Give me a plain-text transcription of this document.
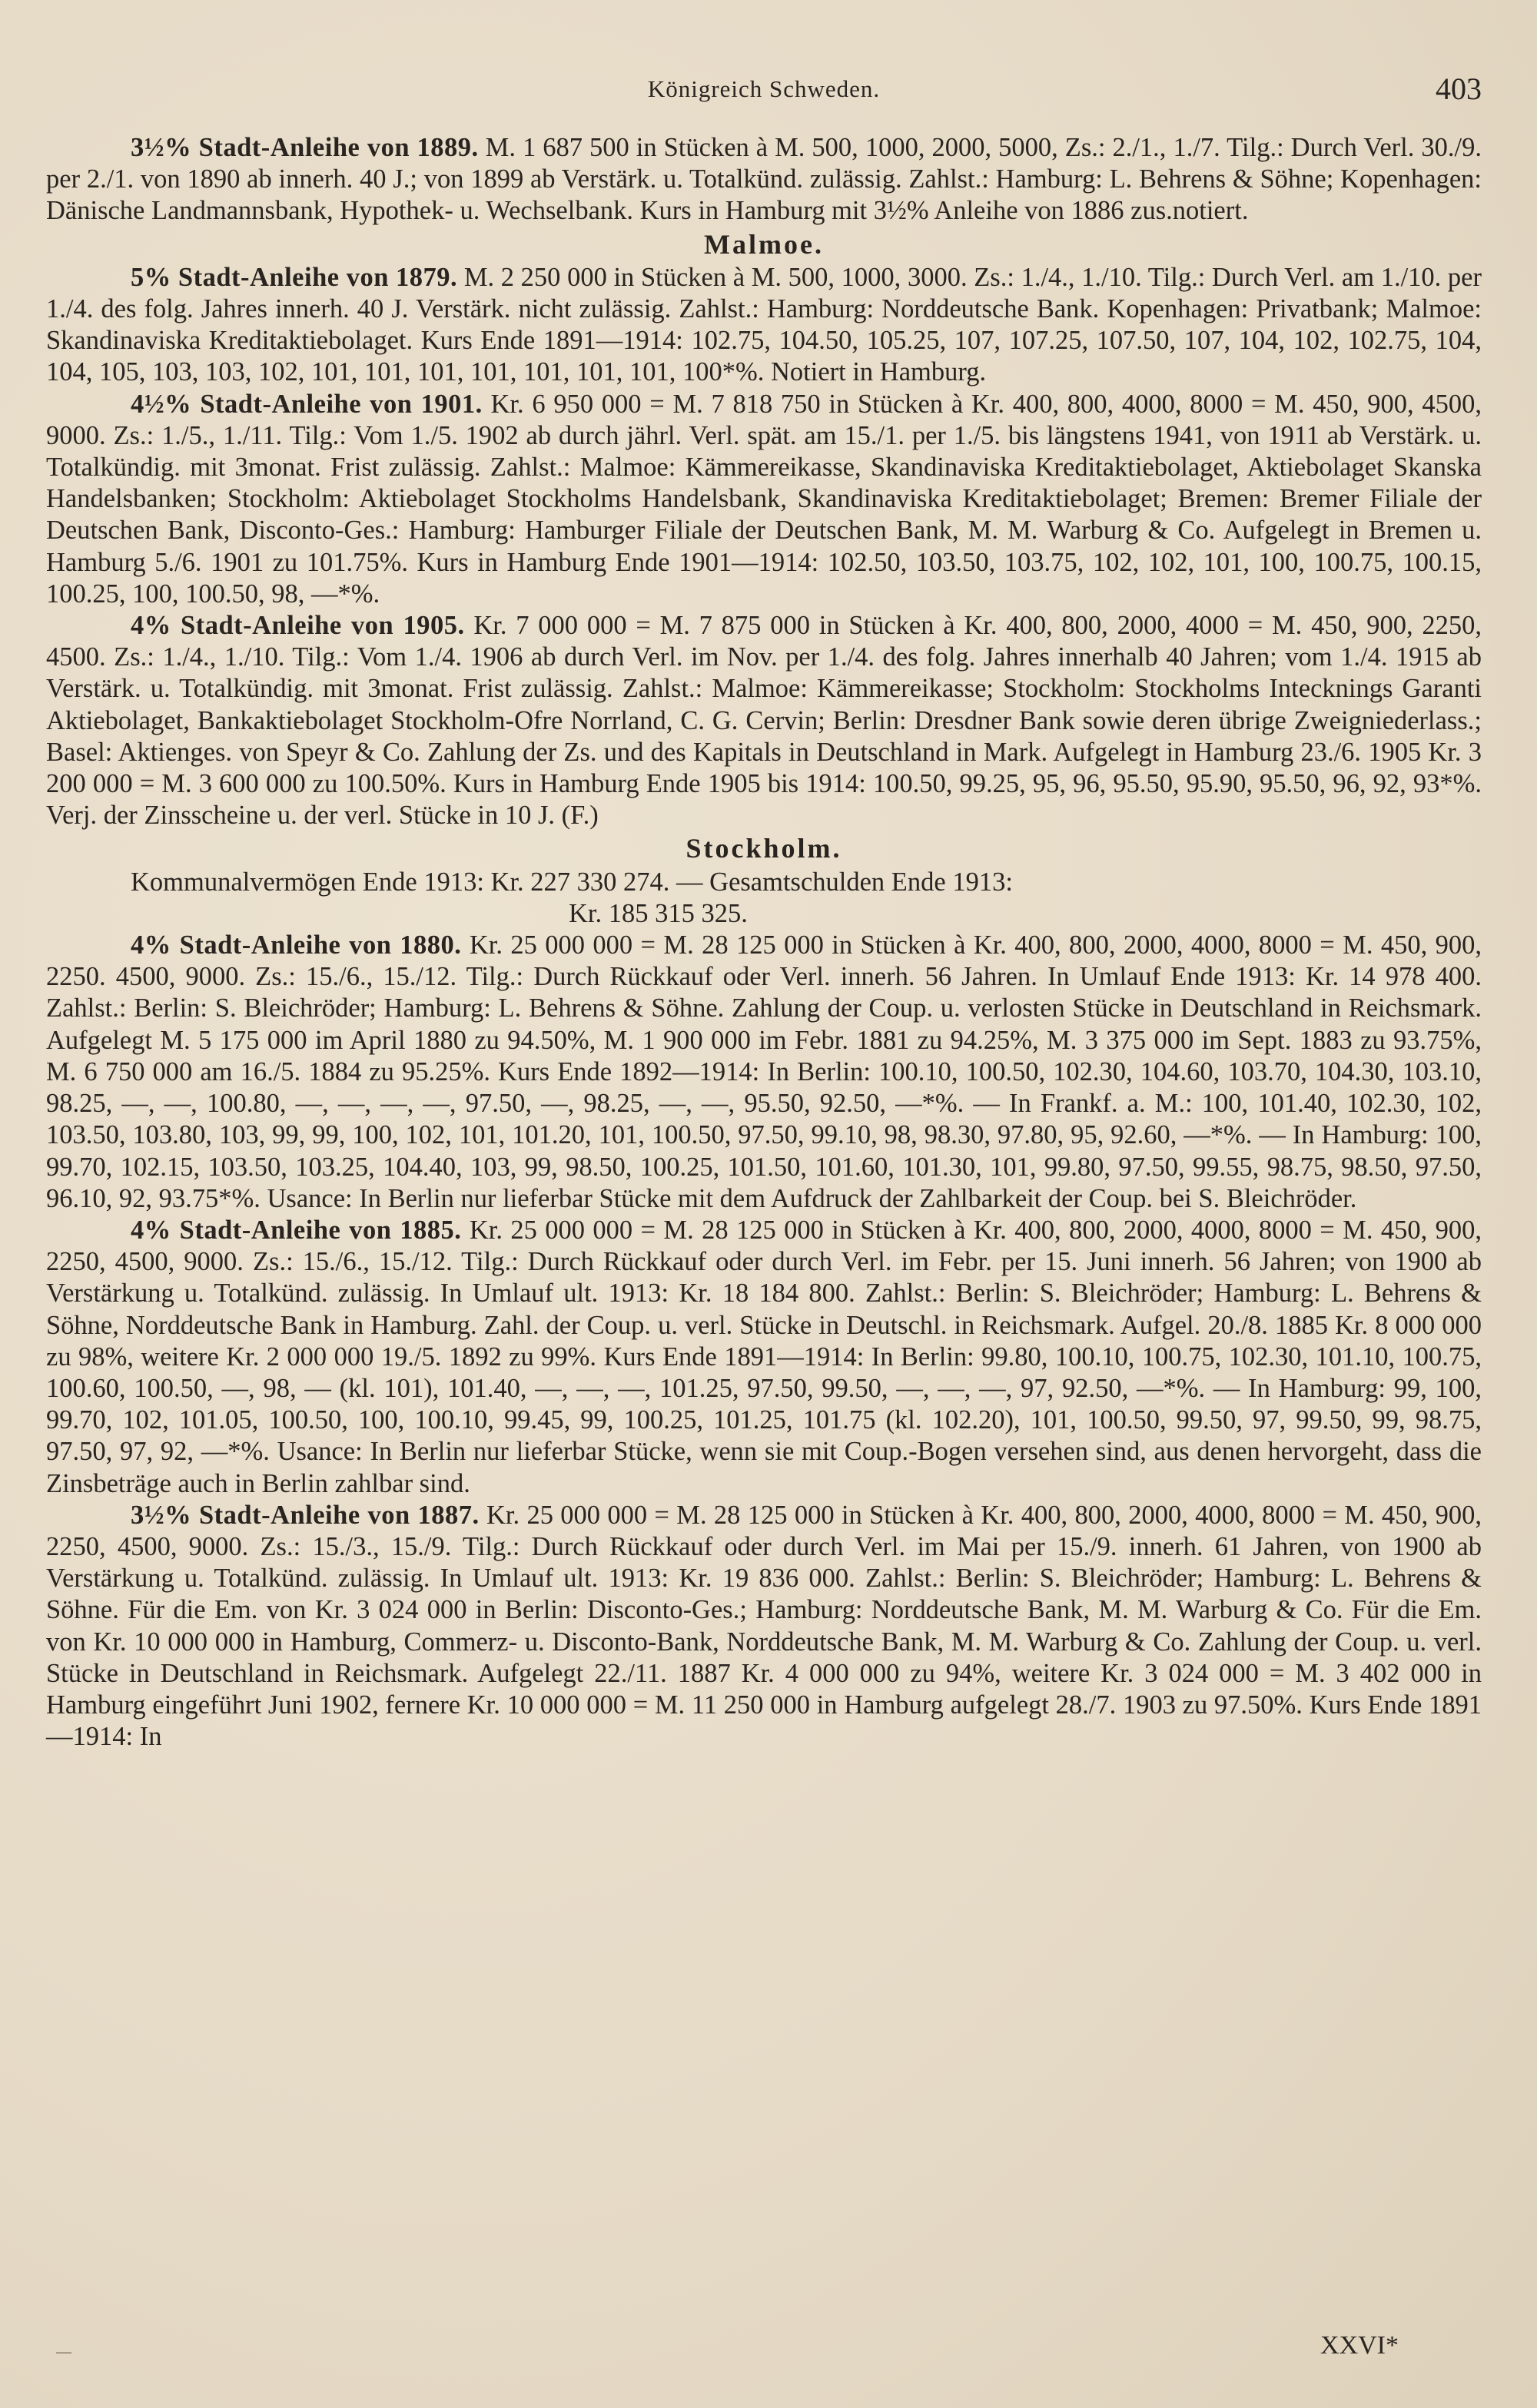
Königreich Schweden.	403

3½% Stadt-Anleihe von 1889. M. 1 687 500 in Stücken à M. 500, 1000, 2000, 5000, Zs.: 2./1., 1./7. Tilg.: Durch Verl. 30./9. per 2./1. von 1890 ab innerh. 40 J.; von 1899 ab Verstärk. u. Totalkünd. zulässig. Zahlst.: Hamburg: L. Behrens & Söhne; Kopenhagen: Dänische Landmannsbank, Hypothek- u. Wechselbank. Kurs in Hamburg mit 3½% Anleihe von 1886 zus.notiert.

Malmoe.

5% Stadt-Anleihe von 1879. M. 2 250 000 in Stücken à M. 500, 1000, 3000. Zs.: 1./4., 1./10. Tilg.: Durch Verl. am 1./10. per 1./4. des folg. Jahres innerh. 40 J. Verstärk. nicht zulässig. Zahlst.: Hamburg: Norddeutsche Bank. Kopenhagen: Privatbank; Malmoe: Skandinaviska Kreditaktiebolaget. Kurs Ende 1891—1914: 102.75, 104.50, 105.25, 107, 107.25, 107.50, 107, 104, 102, 102.75, 104, 104, 105, 103, 103, 102, 101, 101, 101, 101, 101, 101, 101, 100*%. Notiert in Hamburg.

4½% Stadt-Anleihe von 1901. Kr. 6 950 000 = M. 7 818 750 in Stücken à Kr. 400, 800, 4000, 8000 = M. 450, 900, 4500, 9000. Zs.: 1./5., 1./11. Tilg.: Vom 1./5. 1902 ab durch jährl. Verl. spät. am 15./1. per 1./5. bis längstens 1941, von 1911 ab Verstärk. u. Totalkündig. mit 3monat. Frist zulässig. Zahlst.: Malmoe: Kämmereikasse, Skandinaviska Kreditaktiebolaget, Aktiebolaget Skanska Handelsbanken; Stockholm: Aktiebolaget Stockholms Handelsbank, Skandinaviska Kreditaktiebolaget; Bremen: Bremer Filiale der Deutschen Bank, Disconto-Ges.: Hamburg: Hamburger Filiale der Deutschen Bank, M. M. Warburg & Co. Aufgelegt in Bremen u. Hamburg 5./6. 1901 zu 101.75%. Kurs in Hamburg Ende 1901—1914: 102.50, 103.50, 103.75, 102, 102, 101, 100, 100.75, 100.15, 100.25, 100, 100.50, 98, —*%.

4% Stadt-Anleihe von 1905. Kr. 7 000 000 = M. 7 875 000 in Stücken à Kr. 400, 800, 2000, 4000 = M. 450, 900, 2250, 4500. Zs.: 1./4., 1./10. Tilg.: Vom 1./4. 1906 ab durch Verl. im Nov. per 1./4. des folg. Jahres innerhalb 40 Jahren; vom 1./4. 1915 ab Verstärk. u. Totalkündig. mit 3monat. Frist zulässig. Zahlst.: Malmoe: Kämmereikasse; Stockholm: Stockholms Intecknings Garanti Aktiebolaget, Bankaktiebolaget Stockholm-Ofre Norrland, C. G. Cervin; Berlin: Dresdner Bank sowie deren übrige Zweigniederlass.; Basel: Aktienges. von Speyr & Co. Zahlung der Zs. und des Kapitals in Deutschland in Mark. Aufgelegt in Hamburg 23./6. 1905 Kr. 3 200 000 = M. 3 600 000 zu 100.50%. Kurs in Hamburg Ende 1905 bis 1914: 100.50, 99.25, 95, 96, 95.50, 95.90, 95.50, 96, 92, 93*%. Verj. der Zinsscheine u. der verl. Stücke in 10 J. (F.)

Stockholm.

Kommunalvermögen Ende 1913: Kr. 227 330 274. — Gesamtschulden Ende 1913:

Kr. 185 315 325.

4% Stadt-Anleihe von 1880. Kr. 25 000 000 = M. 28 125 000 in Stücken à Kr. 400, 800, 2000, 4000, 8000 = M. 450, 900, 2250. 4500, 9000. Zs.: 15./6., 15./12. Tilg.: Durch Rückkauf oder Verl. innerh. 56 Jahren. In Umlauf Ende 1913: Kr. 14 978 400. Zahlst.: Berlin: S. Bleichröder; Hamburg: L. Behrens & Söhne. Zahlung der Coup. u. verlosten Stücke in Deutschland in Reichsmark. Aufgelegt M. 5 175 000 im April 1880 zu 94.50%, M. 1 900 000 im Febr. 1881 zu 94.25%, M. 3 375 000 im Sept. 1883 zu 93.75%, M. 6 750 000 am 16./5. 1884 zu 95.25%. Kurs Ende 1892—1914: In Berlin: 100.10, 100.50, 102.30, 104.60, 103.70, 104.30, 103.10, 98.25, —, —, 100.80, —, —, —, —, 97.50, —, 98.25, —, —, 95.50, 92.50, —*%. — In Frankf. a. M.: 100, 101.40, 102.30, 102, 103.50, 103.80, 103, 99, 99, 100, 102, 101, 101.20, 101, 100.50, 97.50, 99.10, 98, 98.30, 97.80, 95, 92.60, —*%. — In Hamburg: 100, 99.70, 102.15, 103.50, 103.25, 104.40, 103, 99, 98.50, 100.25, 101.50, 101.60, 101.30, 101, 99.80, 97.50, 99.55, 98.75, 98.50, 97.50, 96.10, 92, 93.75*%. Usance: In Berlin nur lieferbar Stücke mit dem Aufdruck der Zahlbarkeit der Coup. bei S. Bleichröder.

4% Stadt-Anleihe von 1885. Kr. 25 000 000 = M. 28 125 000 in Stücken à Kr. 400, 800, 2000, 4000, 8000 = M. 450, 900, 2250, 4500, 9000. Zs.: 15./6., 15./12. Tilg.: Durch Rückkauf oder durch Verl. im Febr. per 15. Juni innerh. 56 Jahren; von 1900 ab Verstärkung u. Totalkünd. zulässig. In Umlauf ult. 1913: Kr. 18 184 800. Zahlst.: Berlin: S. Bleichröder; Hamburg: L. Behrens & Söhne, Norddeutsche Bank in Hamburg. Zahl. der Coup. u. verl. Stücke in Deutschl. in Reichsmark. Aufgel. 20./8. 1885 Kr. 8 000 000 zu 98%, weitere Kr. 2 000 000 19./5. 1892 zu 99%. Kurs Ende 1891—1914: In Berlin: 99.80, 100.10, 100.75, 102.30, 101.10, 100.75, 100.60, 100.50, —, 98, — (kl. 101), 101.40, —, —, —, 101.25, 97.50, 99.50, —, —, —, 97, 92.50, —*%. — In Hamburg: 99, 100, 99.70, 102, 101.05, 100.50, 100, 100.10, 99.45, 99, 100.25, 101.25, 101.75 (kl. 102.20), 101, 100.50, 99.50, 97, 99.50, 99, 98.75, 97.50, 97, 92, —*%. Usance: In Berlin nur lieferbar Stücke, wenn sie mit Coup.-Bogen versehen sind, aus denen hervorgeht, dass die Zinsbeträge auch in Berlin zahlbar sind.

3½% Stadt-Anleihe von 1887. Kr. 25 000 000 = M. 28 125 000 in Stücken à Kr. 400, 800, 2000, 4000, 8000 = M. 450, 900, 2250, 4500, 9000. Zs.: 15./3., 15./9. Tilg.: Durch Rückkauf oder durch Verl. im Mai per 15./9. innerh. 61 Jahren, von 1900 ab Verstärkung u. Totalkünd. zulässig. In Umlauf ult. 1913: Kr. 19 836 000. Zahlst.: Berlin: S. Bleichröder; Hamburg: L. Behrens & Söhne. Für die Em. von Kr. 3 024 000 in Berlin: Disconto-Ges.; Hamburg: Norddeutsche Bank, M. M. Warburg & Co. Für die Em. von Kr. 10 000 000 in Hamburg, Commerz- u. Disconto-Bank, Norddeutsche Bank, M. M. Warburg & Co. Zahlung der Coup. u. verl. Stücke in Deutschland in Reichsmark. Aufgelegt 22./11. 1887 Kr. 4 000 000 zu 94%, weitere Kr. 3 024 000 = M. 3 402 000 in Hamburg eingeführt Juni 1902, fernere Kr. 10 000 000 = M. 11 250 000 in Hamburg aufgelegt 28./7. 1903 zu 97.50%. Kurs Ende 1891—1914: In

—	XXVI*
